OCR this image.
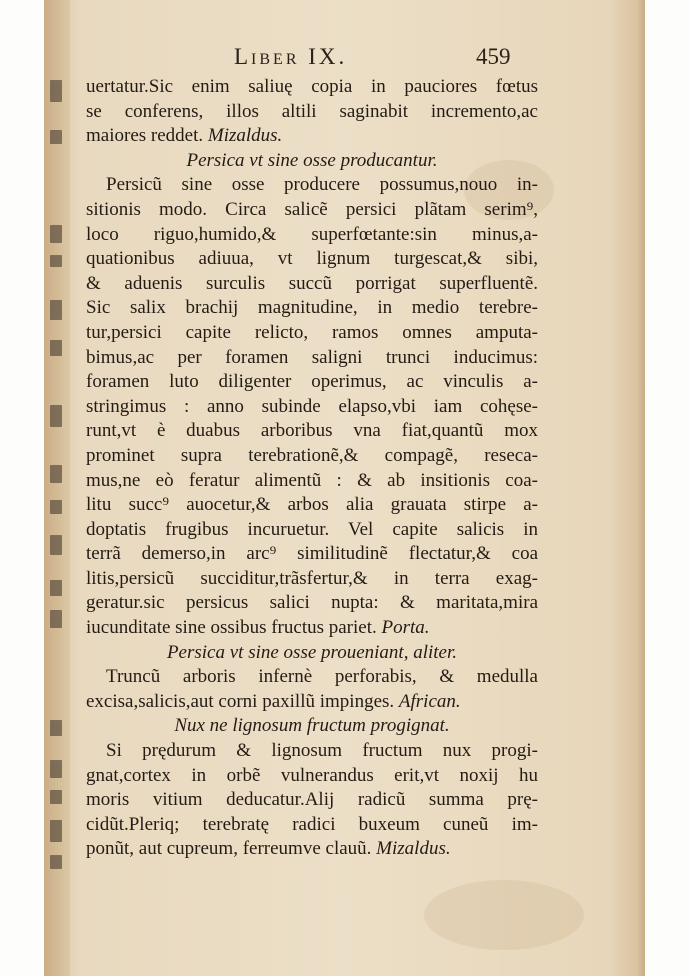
Liber IX.	459
uertatur.Sic enim saliuę copia in pauciores fœtus
se conferens, illos altili saginabit incremento,ac
maiores reddet. Mizaldus.
Persica vt sine osse producantur.
Persicũ sine osse producere possumus,nouo in-
sitionis modo. Circa salicẽ persici plãtam serim⁹,
loco riguo,humido,& superfœtante:sin minus,a-
quationibus adiuua, vt lignum turgescat,& sibi,
& aduenis surculis succũ porrigat superfluentẽ.
Sic salix brachij magnitudine, in medio terebre-
tur,persici capite relicto, ramos omnes amputa-
bimus,ac per foramen saligni trunci inducimus:
foramen luto diligenter operimus, ac vinculis a-
stringimus : anno subinde elapso,vbi iam cohęse-
runt,vt è duabus arboribus vna fiat,quantũ mox
prominet supra terebrationẽ,& compagẽ, reseca-
mus,ne eò feratur alimentũ : & ab insitionis coa-
litu succ⁹ auocetur,& arbos alia grauata stirpe a-
doptatis frugibus incuruetur. Vel capite salicis in
terrã demerso,in arc⁹ similitudinẽ flectatur,& coa
litis,persicũ succiditur,trãsfertur,& in terra exag-
geratur.sic persicus salici nupta: & maritata,mira
iucunditate sine ossibus fructus pariet. Porta.
Persica vt sine osse proueniant, aliter.
Truncũ arboris infernè perforabis, & medulla
excisa,salicis,aut corni paxillũ impinges. African.
Nux ne lignosum fructum progignat.
Si prędurum & lignosum fructum nux progi-
gnat,cortex in orbẽ vulnerandus erit,vt noxij hu
moris vitium deducatur.Alij radicũ summa prę-
cidũt.Pleriq; terebratę radici buxeum cuneũ im-
ponũt, aut cupreum, ferreumve clauũ. Mizaldus.
